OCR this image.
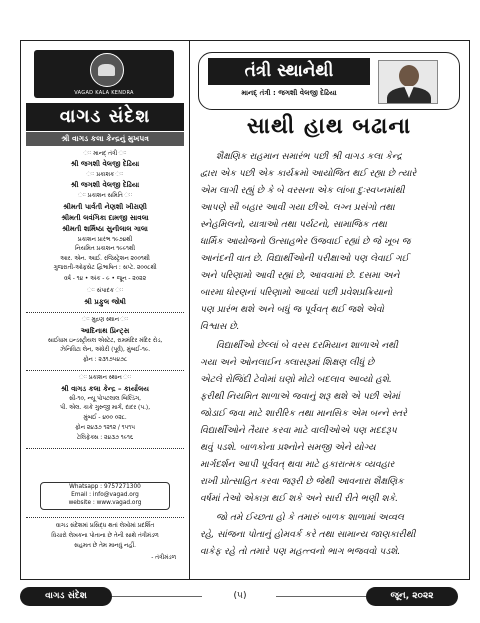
VAGAD KALA KENDRA
વાગડ સંદેશ
શ્રી વાગડ કલા કેન્દ્રનું મુખપત્ર
ઃઃ માનદ્ તંત્રી ઃઃ
શ્રી જગશી વેલજી દેઢિયા
ઃઃ પ્રકાશક ઃઃ
શ્રી જગશી વેલજી દેઢિયા
ઃઃ પ્રકાશન સમિતિ ઃઃ
શ્રીમતી પાર્વતી નેણશી ખીરાણી
શ્રીમતી લવંગિકા દામજી સાવલા
શ્રીમતી શર્મિષ્ઠા સુનીલાલ ગાલા
પ્રકાશન પ્રારંભ ૧૯૭૪થી
નિયમિત પ્રકાશન ૧૯૯૧થી
આર. એન. આઈ. રજિસ્ટ્રેશન ૨૦૦૧થી
ગુજરાતી-ઓફસેટ દ્વિભાષિત : સપ્ટે. ૨૦૦૮થી
વર્ષ - ૧૪ • અંક - ૯ • જૂન - ૨૦૨૨
ઃઃ સંપાદક ઃઃ
શ્રી પ્રફુલ જોષી
ઃઃ મુદ્રણ સ્થાન ઃઃ
આદિનાથ પ્રિન્ટ્સ
સાઈધામ ઇન્ડસ્ટ્રીયલ એસ્ટેટ, રામમંદિર મંદિર રોડ,
ઝેનિવિટા લેન, અંધેરી (પૂર્વ), મુંબઈ-૧૯.
ફોન : ૨૩૧૭૫૪૭૮
ઃઃ પ્રકાશન સ્થાન ઃઃ
શ્રી વાગડ કલા કેન્દ્ર – કાર્યાલય
સી-૧૦, ન્યૂ પોપટલાલ બિલ્ડિંગ,
પી. એલ. કાકે ગુરુજી માર્ગ, દાદર (પ.),
મુંબઈ - ૪૦૦ ૦૨૮.
ફોન ૨૪૩૭ ૧૨૧૨ / ૧૫૧૫
ટેલિફેક્સ : ૨૪૩૭ ૧૯૧૬
Whatsapp : 9757271300
Email : info@vagad.org
website : www.vagad.org
વાગડ સંદેશમાં પ્રસિદ્ધ થતાં લેખોમાં પ્રદર્શિત
વિચારો લેખકના પોતાના છે તેની સાથે તંત્રીમંડળ
સહમત છે તેમ માનવું નહીં.
- તંત્રીમંડળ
તંત્રી સ્થાનેથી
માનદ્ તંત્રી : જગશી વેલજી દેઢિયા
સાથી હાથ બઢાના
શૈક્ષણિક રાહમાન સમારંભ પછી શ્રી વાગડ કલા કેન્દ્ર
દ્વારા એક પછી એક કાર્યક્રમો આયોજિત થઈ રહ્યા છે ત્યારે
એમ લાગી રહ્યું છે કે બે વરસના એક લાંબા દુઃસ્વપ્નમાંથી
આપણે સૌ બહાર આવી ગયા છીએ. લગ્ન પ્રસંગો તથા
સ્નેહમિલનો, યાત્રાઓ તથા પર્યટનો, સામાજિક તથા
ધાર્મિક આયોજનો ઉત્સાહભેર ઉજવાઈ રહ્યાં છે જે ખૂબ જ
આનંદની વાત છે. વિદ્યાર્થીઓની પરીક્ષાઓ પણ લેવાઈ ગઈ
અને પરિણામો આવી રહ્યાં છે, આવવામાં છે. દસમા અને
બારમા ધોરણનાં પરિણામો આવ્યાં પછી પ્રવેશપ્રક્રિયાનો
પણ પ્રારંભ થશે અને બધું જ પૂર્વવત્ થઈ જશે એવો
વિશ્વાસ છે.
વિદ્યાર્થીઓ છેલ્લાં બે વરસ દરમિયાન શાળાએ નથી
ગયા અને ઓનલાઈન ક્લાસરૂમાં શિક્ષણ લીધું છે
એટલે રોજિંદી ટેવોમાં ઘણો મોટો બદલાવ આવ્યો હશે.
ફરીથી નિયમિત શાળાએ જવાનું શરૂ થશે એ પછી એમાં
જોડાઈ જવા માટે શારીરિક તથા માનસિક એમ બન્ને સ્તરે
વિદ્યાર્થીઓને તૈયાર કરવા માટે વાલીઓએ પણ મદદરૂપ
થવું પડશે. બાળકોના પ્રશ્નોને સમજી એને યોગ્ય
માર્ગદર્શન આપી પૂર્વવત્ થવા માટે હકારાત્મક વ્યવહાર
રાખી પ્રોત્સાહિત કરવા જરૂરી છે જેથી આવનારા શૈક્ષણિક
વર્ષમાં તેઓ એકાગ્ર થઈ શકે અને સારી રીતે ભણી શકે.
જો તમે ઈચ્છતા હો કે તમારું બાળક શાળામાં અવ્વલ
રહે, સાંજના પોતાનું હોમવર્ક કરે તથા સામાન્ય જાણકારીથી
વાકેફ રહે તો તમારે પણ મહત્ત્વનો ભાગ ભજવવો પડશે.
વાગડ સંદેશ	(૫)	જૂન, ૨૦૨૨
